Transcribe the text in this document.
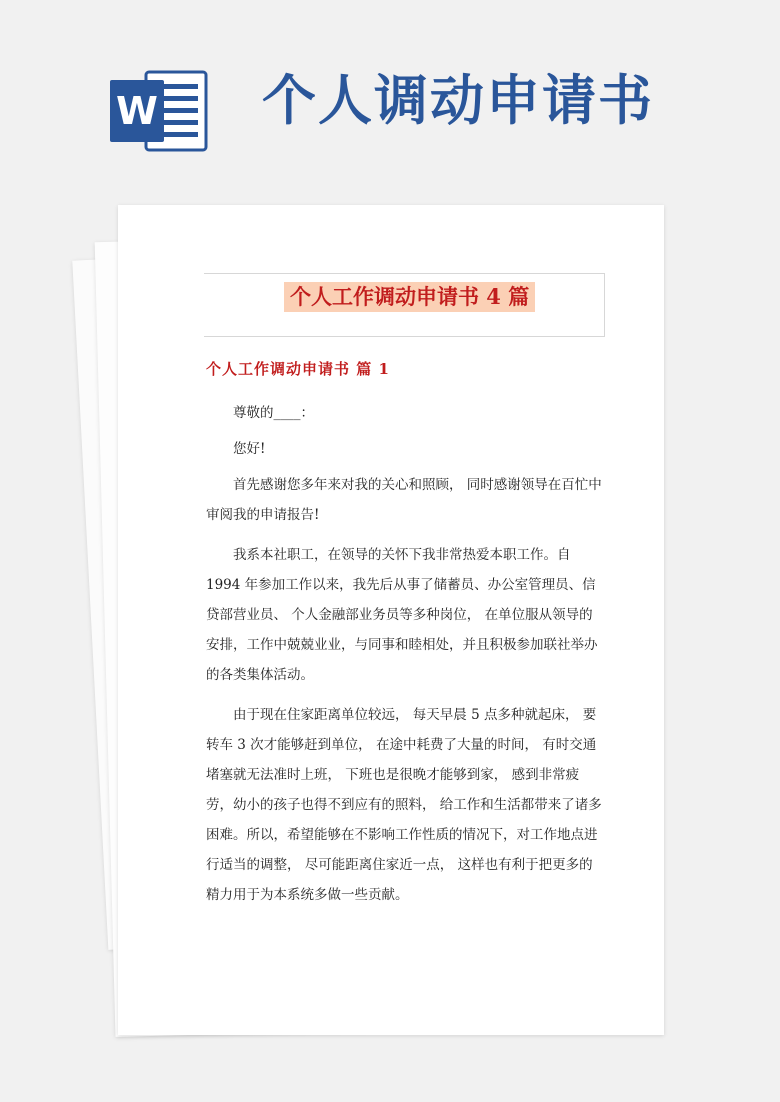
W 个人调动申请书
个人工作调动申请书 4 篇
个人工作调动申请书 篇 1

尊敬的____：

您好!

首先感谢您多年来对我的关心和照顾， 同时感谢领导在百忙中审阅我的申请报告!

我系本社职工，在领导的关怀下我非常热爱本职工作。自 1994 年参加工作以来，我先后从事了储蓄员、办公室管理员、信贷部营业员、 个人金融部业务员等多种岗位， 在单位服从领导的安排，工作中兢兢业业，与同事和睦相处，并且积极参加联社举办的各类集体活动。

由于现在住家距离单位较远， 每天早晨 5 点多种就起床， 要转车 3 次才能够赶到单位， 在途中耗费了大量的时间， 有时交通堵塞就无法准时上班， 下班也是很晚才能够到家， 感到非常疲劳，幼小的孩子也得不到应有的照料， 给工作和生活都带来了诸多困难。所以，希望能够在不影响工作性质的情况下，对工作地点进行适当的调整， 尽可能距离住家近一点， 这样也有利于把更多的精力用于为本系统多做一些贡献。
